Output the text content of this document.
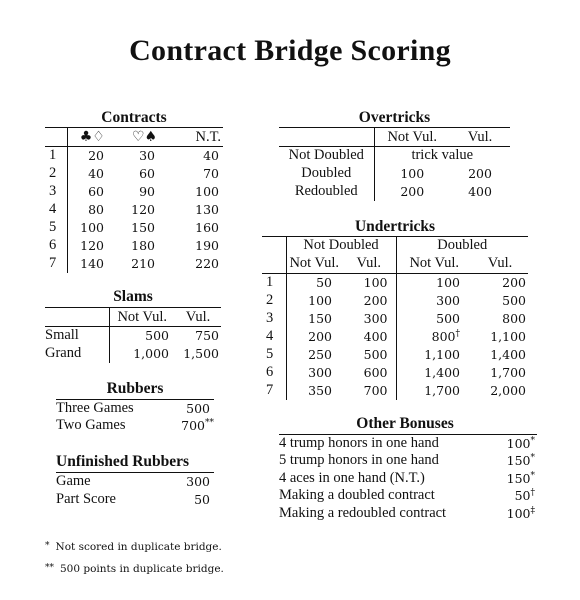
Contract Bridge Scoring
Contracts
	♣♢	♡♠	N.T.
1	20	30	40
2	40	60	70
3	60	90	100
4	80	120	130
5	100	150	160
6	120	180	190
7	140	210	220
Slams
	Not Vul.	Vul.
Small	500	750
Grand	1,000	1,500
Rubbers
Three Games	500
Two Games	700**
Unfinished Rubbers
Game	300
Part Score	50
* Not scored in duplicate bridge.
** 500 points in duplicate bridge.
Overtricks
	Not Vul.	Vul.
Not Doubled	trick value	
Doubled	100	200
Redoubled	200	400
Undertricks
	Not Doubled		Doubled	
	Not Vul.	Vul.	Not Vul.	Vul.
1	50	100	100	200
2	100	200	300	500
3	150	300	500	800
4	200	400	800†	1,100
5	250	500	1,100	1,400
6	300	600	1,400	1,700
7	350	700	1,700	2,000
Other Bonuses
4 trump honors in one hand	100*
5 trump honors in one hand	150*
4 aces in one hand (N.T.)	150*
Making a doubled contract	50†
Making a redoubled contract	100‡
